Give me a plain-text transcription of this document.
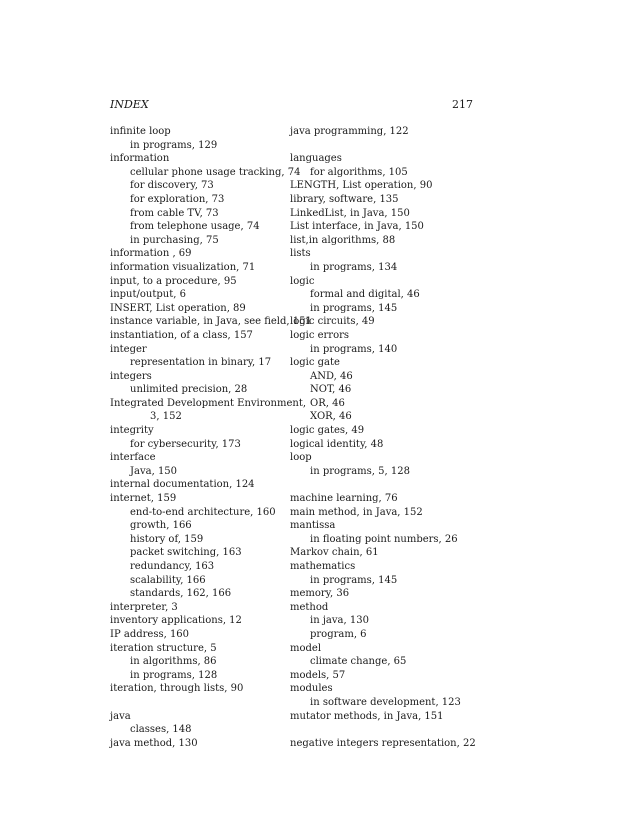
INDEX	217
infinite loop
in programs, 129
information
cellular phone usage tracking, 74
for discovery, 73
for exploration, 73
from cable TV, 73
from telephone usage, 74
in purchasing, 75
information , 69
information visualization, 71
input, to a procedure, 95
input/output, 6
INSERT, List operation, 89
instance variable, in Java, see field, 151
instantiation, of a class, 157
integer
representation in binary, 17
integers
unlimited precision, 28
Integrated Development Environment,
3, 152
integrity
for cybersecurity, 173
interface
Java, 150
internal documentation, 124
internet, 159
end-to-end architecture, 160
growth, 166
history of, 159
packet switching, 163
redundancy, 163
scalability, 166
standards, 162, 166
interpreter, 3
inventory applications, 12
IP address, 160
iteration structure, 5
in algorithms, 86
in programs, 128
iteration, through lists, 90
java
classes, 148
java method, 130
java programming, 122
languages
for algorithms, 105
LENGTH, List operation, 90
library, software, 135
LinkedList, in Java, 150
List interface, in Java, 150
list,in algorithms, 88
lists
in programs, 134
logic
formal and digital, 46
in programs, 145
logic circuits, 49
logic errors
in programs, 140
logic gate
AND, 46
NOT, 46
OR, 46
XOR, 46
logic gates, 49
logical identity, 48
loop
in programs, 5, 128
machine learning, 76
main method, in Java, 152
mantissa
in floating point numbers, 26
Markov chain, 61
mathematics
in programs, 145
memory, 36
method
in java, 130
program, 6
model
climate change, 65
models, 57
modules
in software development, 123
mutator methods, in Java, 151
negative integers representation, 22
